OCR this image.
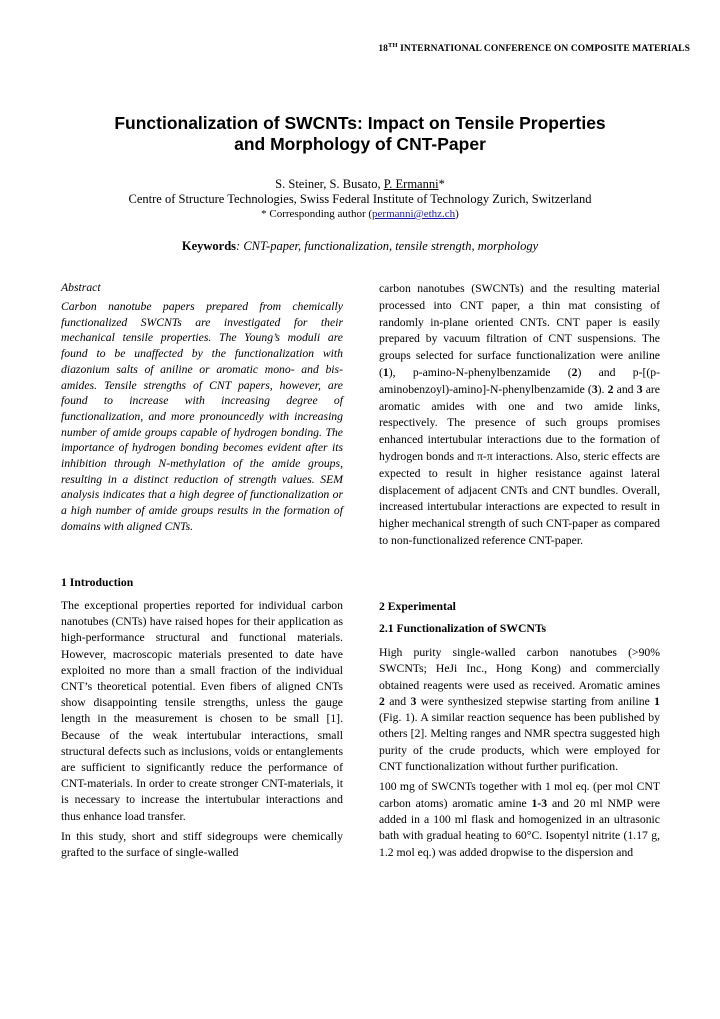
18TH INTERNATIONAL CONFERENCE ON COMPOSITE MATERIALS
Functionalization of SWCNTs: Impact on Tensile Properties
and Morphology of CNT-Paper
S. Steiner, S. Busato, P. Ermanni*
Centre of Structure Technologies, Swiss Federal Institute of Technology Zurich, Switzerland
* Corresponding author (permanni@ethz.ch)
Keywords: CNT-paper, functionalization, tensile strength, morphology
Abstract
Carbon nanotube papers prepared from chemically functionalized SWCNTs are investigated for their mechanical tensile properties. The Young’s moduli are found to be unaffected by the functionalization with diazonium salts of aniline or aromatic mono- and bis-amides. Tensile strengths of CNT papers, however, are found to increase with increasing degree of functionalization, and more pronouncedly with increasing number of amide groups capable of hydrogen bonding. The importance of hydrogen bonding becomes evident after its inhibition through N-methylation of the amide groups, resulting in a distinct reduction of strength values. SEM analysis indicates that a high degree of functionalization or a high number of amide groups results in the formation of domains with aligned CNTs.
1 Introduction

The exceptional properties reported for individual carbon nanotubes (CNTs) have raised hopes for their application as high-performance structural and functional materials. However, macroscopic materials presented to date have exploited no more than a small fraction of the individual CNT’s theoretical potential. Even fibers of aligned CNTs show disappointing tensile strengths, unless the gauge length in the measurement is chosen to be small [1]. Because of the weak intertubular interactions, small structural defects such as inclusions, voids or entanglements are sufficient to significantly reduce the performance of CNT-materials. In order to create stronger CNT-materials, it is necessary to increase the intertubular interactions and thus enhance load transfer.

In this study, short and stiff sidegroups were chemically grafted to the surface of single-walled

carbon nanotubes (SWCNTs) and the resulting material processed into CNT paper, a thin mat consisting of randomly in-plane oriented CNTs. CNT paper is easily prepared by vacuum filtration of CNT suspensions. The groups selected for surface functionalization were aniline (1), p-amino-N-phenylbenzamide (2) and p-[(p-aminobenzoyl)-amino]-N-phenylbenzamide (3). 2 and 3 are aromatic amides with one and two amide links, respectively. The presence of such groups promises enhanced intertubular interactions due to the formation of hydrogen bonds and π-π interactions. Also, steric effects are expected to result in higher resistance against lateral displacement of adjacent CNTs and CNT bundles. Overall, increased intertubular interactions are expected to result in higher mechanical strength of such CNT-paper as compared to non-functionalized reference CNT-paper.
2 Experimental
2.1 Functionalization of SWCNTs

High purity single-walled carbon nanotubes (>90% SWCNTs; HeJi Inc., Hong Kong) and commercially obtained reagents were used as received. Aromatic amines 2 and 3 were synthesized stepwise starting from aniline 1 (Fig. 1). A similar reaction sequence has been published by others [2]. Melting ranges and NMR spectra suggested high purity of the crude products, which were employed for CNT functionalization without further purification.

100 mg of SWCNTs together with 1 mol eq. (per mol CNT carbon atoms) aromatic amine 1-3 and 20 ml NMP were added in a 100 ml flask and homogenized in an ultrasonic bath with gradual heating to 60°C. Isopentyl nitrite (1.17 g, 1.2 mol eq.) was added dropwise to the dispersion and
